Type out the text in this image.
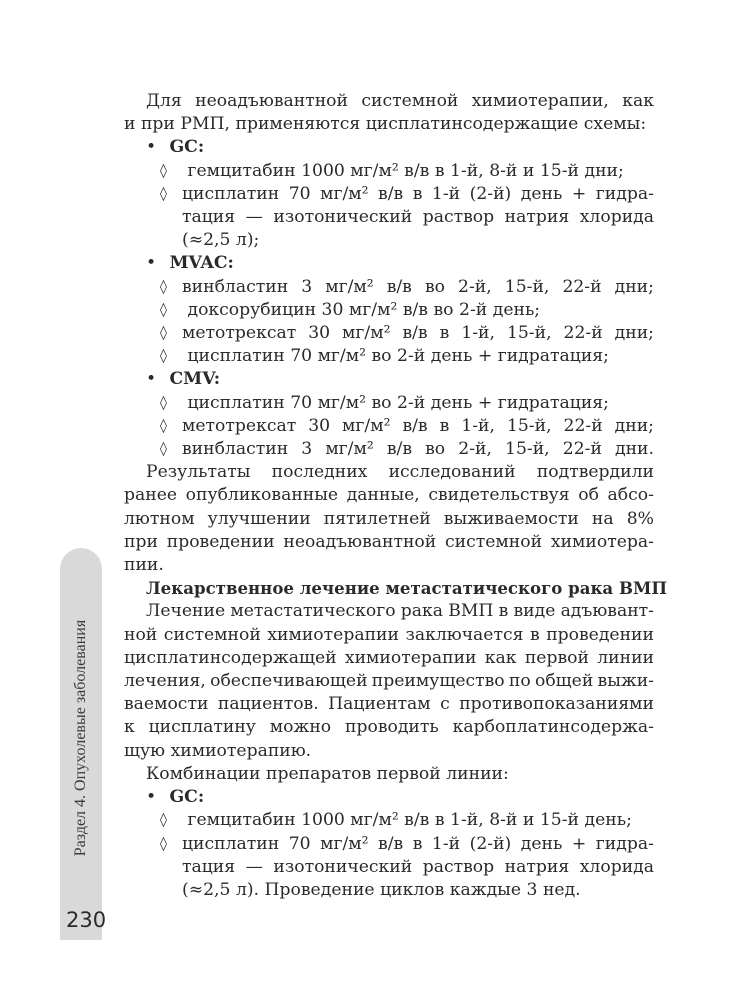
Раздел 4. Опухолевые заболевания
230
Для неоадъювантной системной химиотерапии, как
и при РМП, применяются цисплатинсодержащие схемы:
• GC:
◊	гемцитабин 1000 мг/м² в/в в 1-й, 8-й и 15-й дни;
◊ цисплатин 70 мг/м² в/в в 1-й (2-й) день + гидра-
тация — изотонический раствор натрия хлорида
(≈2,5 л);
• MVAC:
◊ винбластин 3 мг/м² в/в во 2-й, 15-й, 22-й дни;
◊	доксорубицин 30 мг/м² в/в во 2-й день;
◊ метотрексат 30 мг/м² в/в в 1-й, 15-й, 22-й дни;
◊	цисплатин 70 мг/м² во 2-й день + гидратация;
• CMV:
◊	цисплатин 70 мг/м² во 2-й день + гидратация;
◊ метотрексат 30 мг/м² в/в в 1-й, 15-й, 22-й дни;
◊ винбластин 3 мг/м² в/в во 2-й, 15-й, 22-й дни.
Результаты последних исследований подтвердили
ранее опубликованные данные, свидетельствуя об абсо-
лютном улучшении пятилетней выживаемости на 8%
при проведении неоадъювантной системной химиотера-
пии.
Лекарственное лечение метастатического рака ВМП
Лечение метастатического рака ВМП в виде адъювант-
ной системной химиотерапии заключается в проведении
цисплатинсодержащей химиотерапии как первой линии
лечения, обеспечивающей преимущество по общей выжи-
ваемости пациентов. Пациентам с противопоказаниями
к цисплатину можно проводить карбоплатинсодержа-
щую химиотерапию.
Комбинации препаратов первой линии:
• GC:
◊	гемцитабин 1000 мг/м² в/в в 1-й, 8-й и 15-й день;
◊ цисплатин 70 мг/м² в/в в 1-й (2-й) день + гидра-
тация — изотонический раствор натрия хлорида
(≈2,5 л). Проведение циклов каждые 3 нед.
